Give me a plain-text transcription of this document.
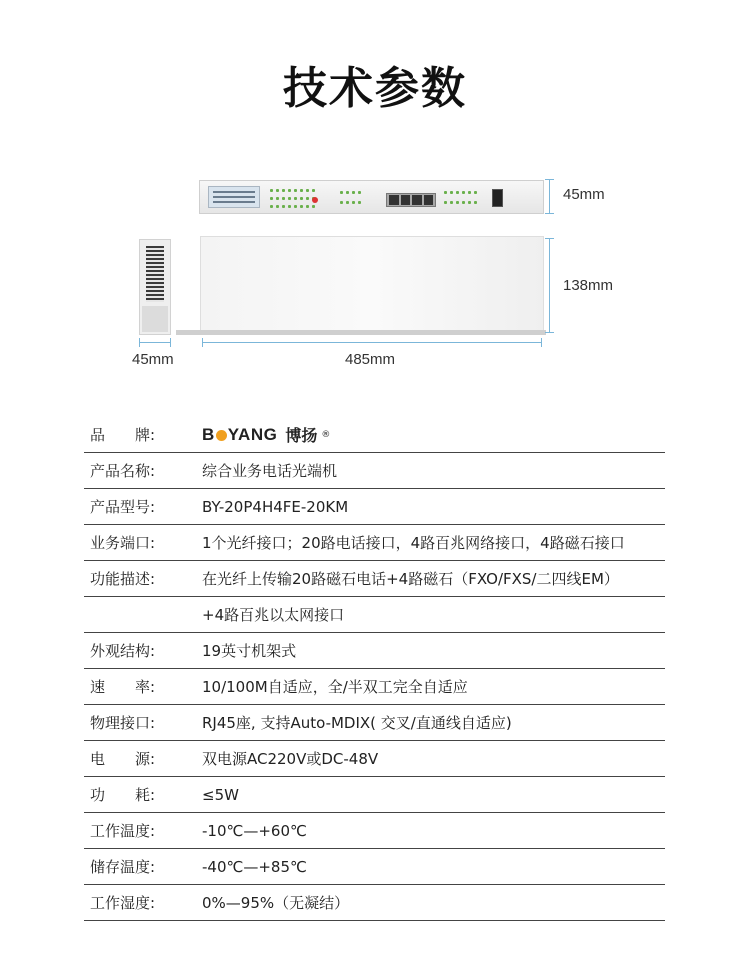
技术参数
45mm
138mm
45mm	485mm
品　　牌:	B YANG 博扬 ®
产品名称:	综合业务电话光端机
产品型号:	BY-20P4H4FE-20KM
业务端口:	1个光纤接口；20路电话接口，4路百兆网络接口，4路磁石接口
功能描述:	在光纤上传输20路磁石电话+4路磁石（FXO/FXS/二四线EM）
+4路百兆以太网接口
外观结构:	19英寸机架式
速　　率:	10/100M自适应，全/半双工完全自适应
物理接口:	RJ45座, 支持Auto-MDIX( 交叉/直通线自适应)
电　　源:	双电源AC220V或DC-48V
功　　耗:	≤5W
工作温度:	-10℃—+60℃
储存温度:	-40℃—+85℃
工作湿度:	0%—95%（无凝结）
